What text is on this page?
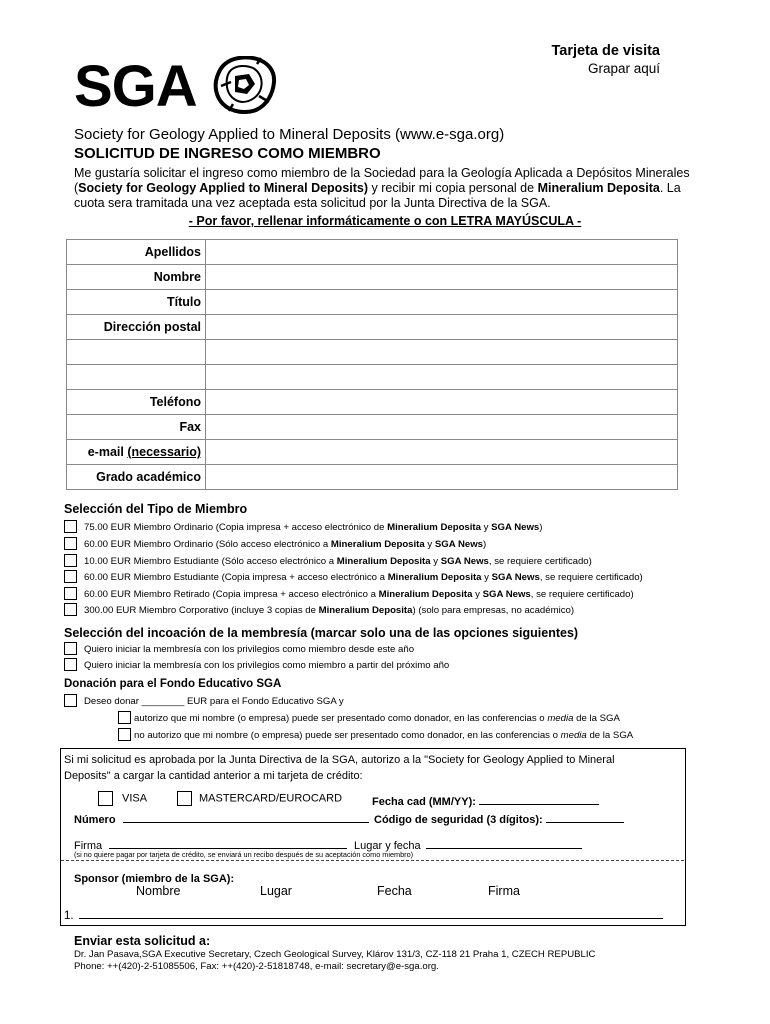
Tarjeta de visita
Grapar aquí
SGA
Society for Geology Applied to Mineral Deposits (www.e-sga.org)
SOLICITUD DE INGRESO COMO MIEMBRO
Me gustaría solicitar el ingreso como miembro de la Sociedad para la Geología Aplicada a Depósitos Minerales (Society for Geology Applied to Mineral Deposits) y recibir mi copia personal de Mineralium Deposita. La cuota sera tramitada una vez aceptada esta solicitud por la Junta Directiva de la SGA.
- Por favor, rellenar informáticamente o con LETRA MAYÚSCULA -
Apellidos	
Nombre	
Título	
Dirección postal	

Teléfono	
Fax	
e-mail (necessario)	
Grado académico	
Selección del Tipo de Miembro
75.00 EUR Miembro Ordinario (Copia impresa + acceso electrónico de Mineralium Deposita y SGA News)
60.00 EUR Miembro Ordinario (Sólo acceso electrónico a Mineralium Deposita y SGA News)
10.00 EUR Miembro Estudiante (Sólo acceso electrónico a Mineralium Deposita y SGA News, se requiere certificado)
60.00 EUR Miembro Estudiante (Copia impresa + acceso electrónico a Mineralium Deposita y SGA News, se requiere certificado)
60.00 EUR Miembro Retirado (Copia impresa + acceso electrónico a Mineralium Deposita y SGA News, se requiere certificado)
300.00 EUR Miembro Corporativo (incluye 3 copias de Mineralium Deposita) (solo para empresas, no académico)
Selección del incoación de la membresía (marcar solo una de las opciones siguientes)
Quiero iniciar la membresía con los privilegios como miembro desde este año
Quiero iniciar la membresía con los privilegios como miembro a partir del próximo año
Donación para el Fondo Educativo SGA
Deseo donar ________ EUR para el Fondo Educativo SGA y
autorizo que mi nombre (o empresa) puede ser presentado como donador, en las conferencias o media de la SGA
no autorizo que mi nombre (o empresa) puede ser presentado como donador, en las conferencias o media de la SGA
Si mi solicitud es aprobada por la Junta Directiva de la SGA, autorizo a la "Society for Geology Applied to Mineral Deposits" a cargar la cantidad anterior a mi tarjeta de crédito:
VISA	MASTERCARD/EUROCARD	Fecha cad (MM/YY):
Número	Código de seguridad (3 dígitos):
Firma	Lugar y fecha
(si no quiere pagar por tarjeta de crédito, se enviará un recibo después de su aceptación como miembro)
Sponsor (miembro de la SGA):
Nombre	Lugar	Fecha	Firma
1.
Enviar esta solicitud a:
Dr. Jan Pasava,SGA Executive Secretary, Czech Geological Survey, Klárov 131/3, CZ-118 21 Praha 1, CZECH REPUBLIC
Phone: ++(420)-2-51085506, Fax: ++(420)-2-51818748, e-mail: secretary@e-sga.org.
